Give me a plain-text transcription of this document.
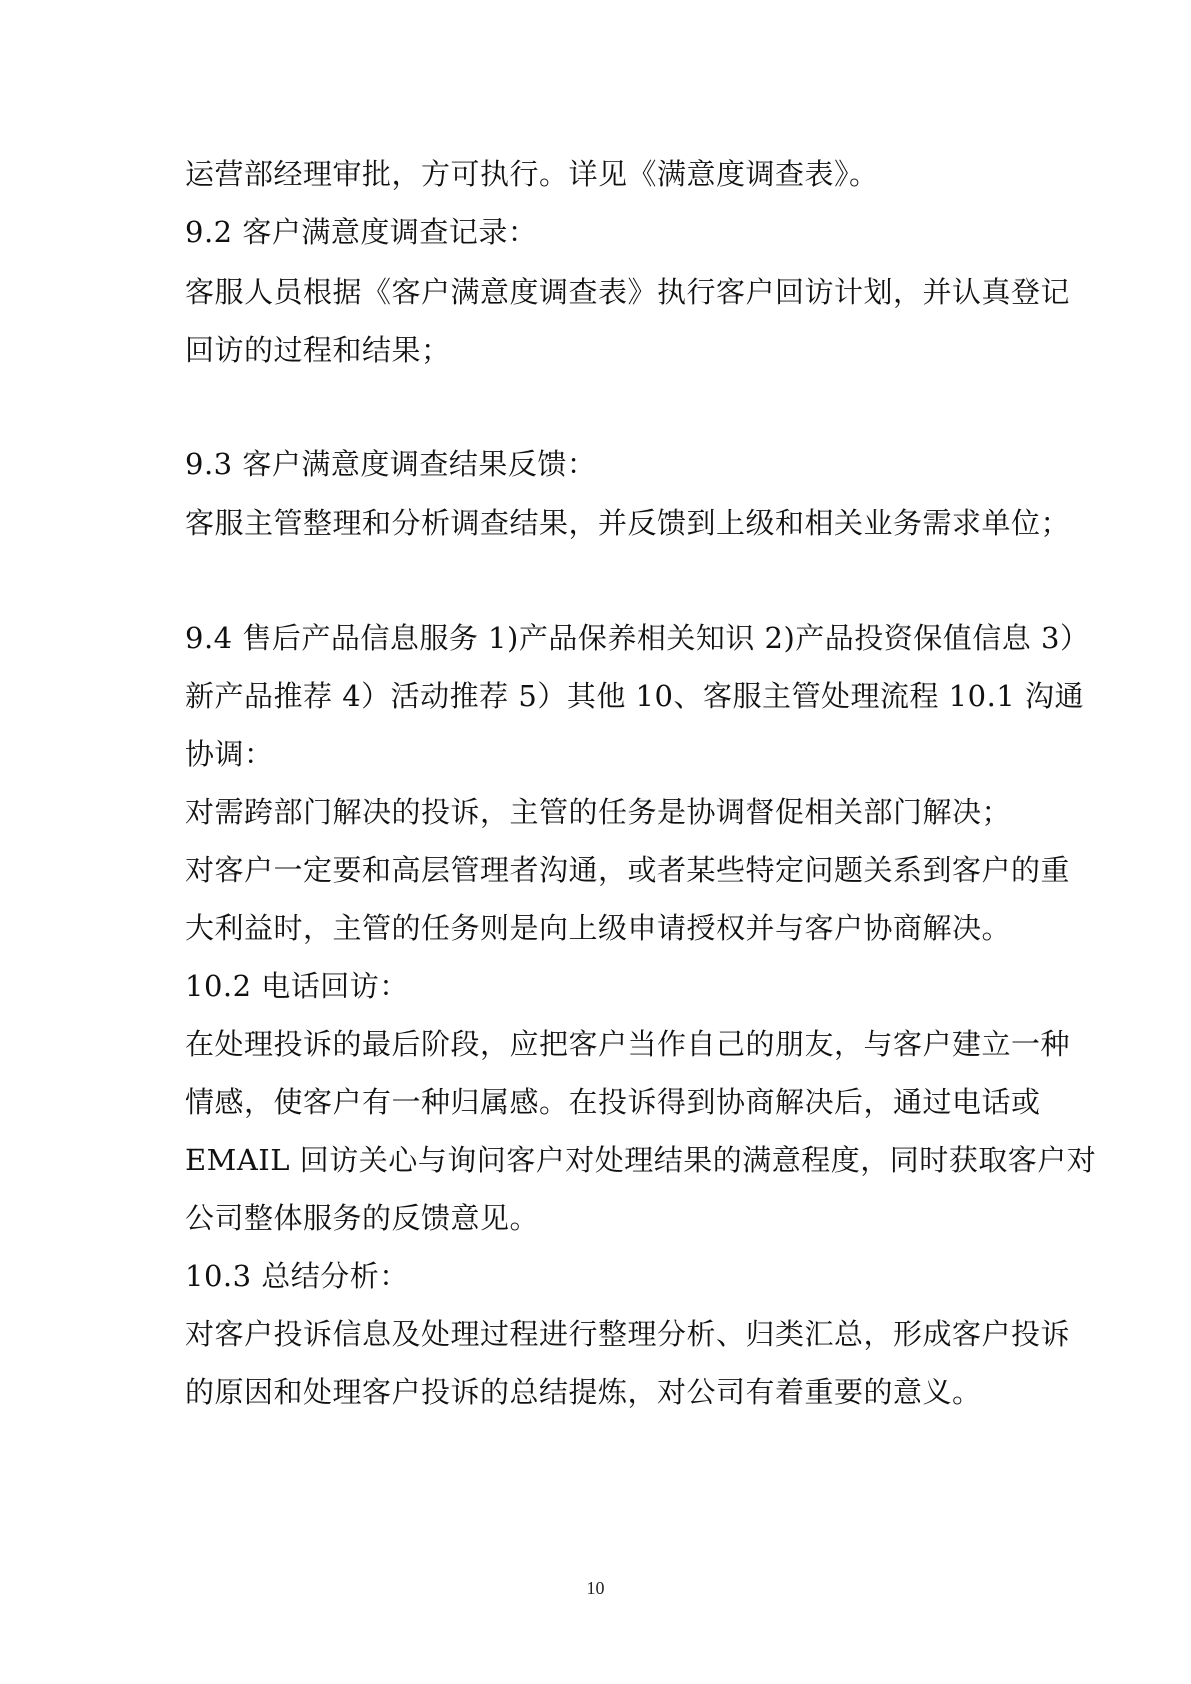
运营部经理审批，方可执行。详见《满意度调查表》。
9.2 客户满意度调查记录：
客服人员根据《客户满意度调查表》执行客户回访计划，并认真登记
回访的过程和结果；
9.3 客户满意度调查结果反馈：
客服主管整理和分析调查结果，并反馈到上级和相关业务需求单位；
9.4 售后产品信息服务 1)产品保养相关知识 2)产品投资保值信息 3）
新产品推荐 4）活动推荐 5）其他 10、客服主管处理流程 10.1 沟通
协调：
对需跨部门解决的投诉，主管的任务是协调督促相关部门解决；
对客户一定要和高层管理者沟通，或者某些特定问题关系到客户的重
大利益时，主管的任务则是向上级申请授权并与客户协商解决。
10.2 电话回访：
在处理投诉的最后阶段，应把客户当作自己的朋友，与客户建立一种
情感，使客户有一种归属感。在投诉得到协商解决后，通过电话或
EMAIL 回访关心与询问客户对处理结果的满意程度，同时获取客户对
公司整体服务的反馈意见。
10.3 总结分析：
对客户投诉信息及处理过程进行整理分析、归类汇总，形成客户投诉
的原因和处理客户投诉的总结提炼，对公司有着重要的意义。
10
